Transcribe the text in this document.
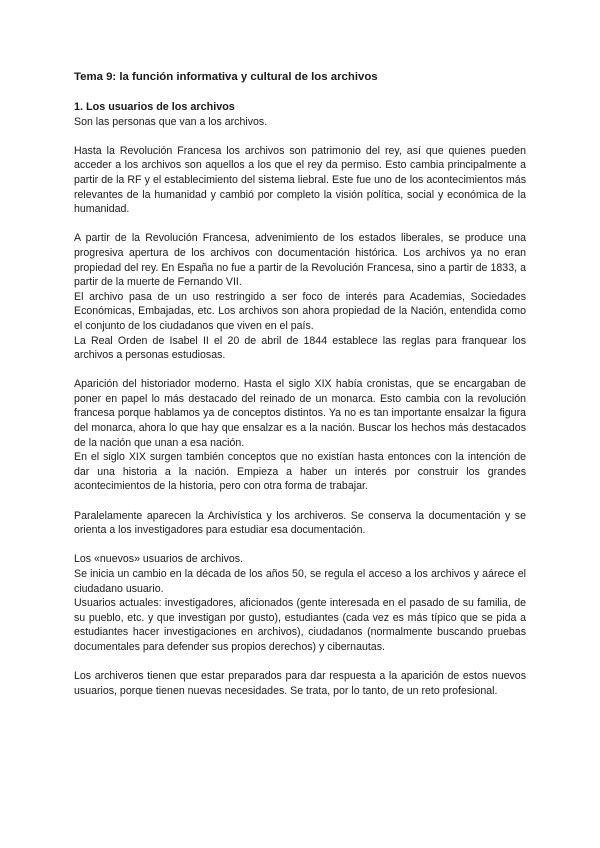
Tema 9: la función informativa y cultural de los archivos
1. Los usuarios de los archivos

Son las personas que van a los archivos.

Hasta la Revolución Francesa los archivos son patrimonio del rey, así que quienes pueden acceder a los archivos son aquellos a los que el rey da permiso. Esto cambia principalmente a partir de la RF y el establecimiento del sistema liebral. Este fue uno de los acontecimientos más relevantes de la humanidad y cambió por completo la visión política, social y económica de la humanidad.

A partir de la Revolución Francesa, advenimiento de los estados liberales, se produce una progresiva apertura de los archivos con documentación histórica. Los archivos ya no eran propiedad del rey. En España no fue a partir de la Revolución Francesa, sino a partir de 1833, a partir de la muerte de Fernando VII.

El archivo pasa de un uso restringido a ser foco de interés para Academias, Sociedades Económicas, Embajadas, etc. Los archivos son ahora propiedad de la Nación, entendida como el conjunto de los ciudadanos que viven en el país.

La Real Orden de Isabel II el 20 de abril de 1844 establece las reglas para franquear los archivos a personas estudiosas.

Aparición del historiador moderno. Hasta el siglo XIX había cronistas, que se encargaban de poner en papel lo más destacado del reinado de un monarca. Esto cambia con la revolución francesa porque hablamos ya de conceptos distintos. Ya no es tan importante ensalzar la figura del monarca, ahora lo que hay que ensalzar es a la nación. Buscar los hechos más destacados de la nación que unan a esa nación.

En el siglo XIX surgen también conceptos que no existían hasta entonces con la intención de dar una historia a la nación. Empieza a haber un interés por construir los grandes acontecimientos de la historia, pero con otra forma de trabajar.

Paralelamente aparecen la Archivística y los archiveros. Se conserva la documentación y se orienta a los investigadores para estudiar esa documentación.

Los «nuevos» usuarios de archivos.

Se inicia un cambio en la década de los años 50, se regula el acceso a los archivos y aárece el ciudadano usuario.

Usuarios actuales: investigadores, aficionados (gente interesada en el pasado de su familia, de su pueblo, etc. y que investigan por gusto), estudiantes (cada vez es más típico que se pida a estudiantes hacer investigaciones en archivos), ciudadanos (normalmente buscando pruebas documentales para defender sus propios derechos) y cibernautas.

Los archiveros tienen que estar preparados para dar respuesta a la aparición de estos nuevos usuarios, porque tienen nuevas necesidades. Se trata, por lo tanto, de un reto profesional.
